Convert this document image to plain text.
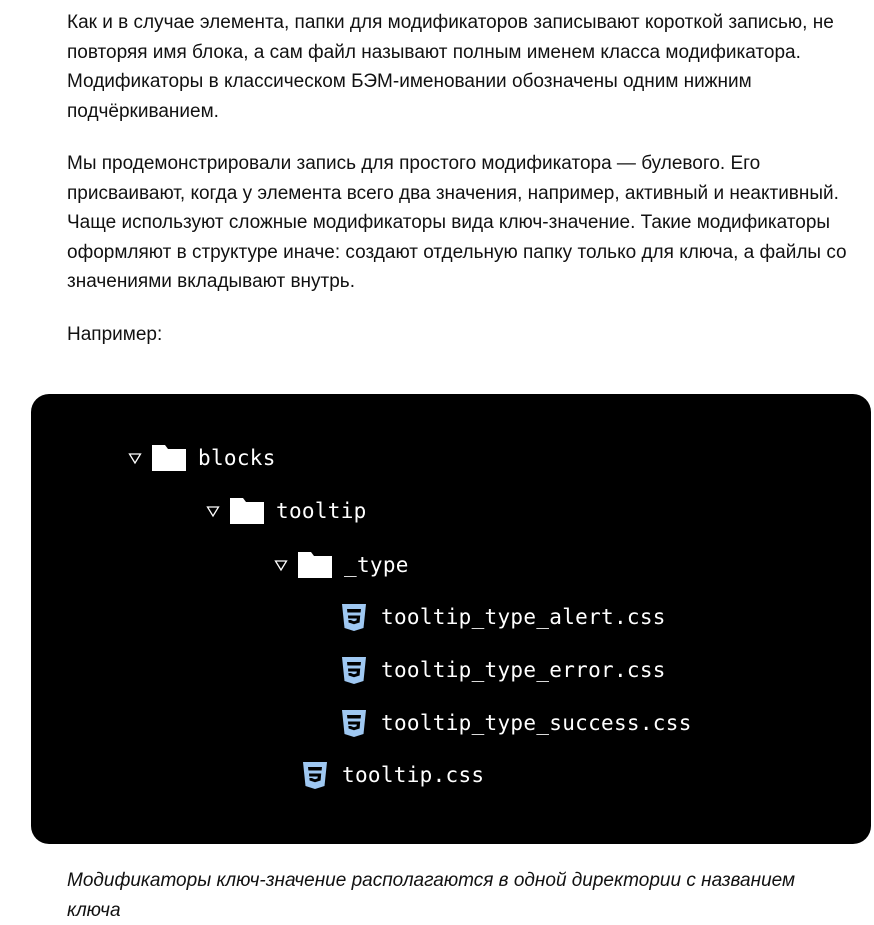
Как и в случае элемента, папки для модификаторов записывают короткой записью, не повторяя имя блока, а сам файл называют полным именем класса модификатора. Модификаторы в классическом БЭМ-именовании обозначены одним нижним подчёркиванием.

Мы продемонстрировали запись для простого модификатора — булевого. Его присваивают, когда у элемента всего два значения, например, активный и неактивный. Чаще используют сложные модификаторы вида ключ-значение. Такие модификаторы оформляют в структуре иначе: создают отдельную папку только для ключа, а файлы со значениями вкладывают внутрь.

Например:

blocks
tooltip
_type
tooltip_type_alert.css
tooltip_type_error.css
tooltip_type_success.css
tooltip.css

Модификаторы ключ-значение располагаются в одной директории с названием ключа
